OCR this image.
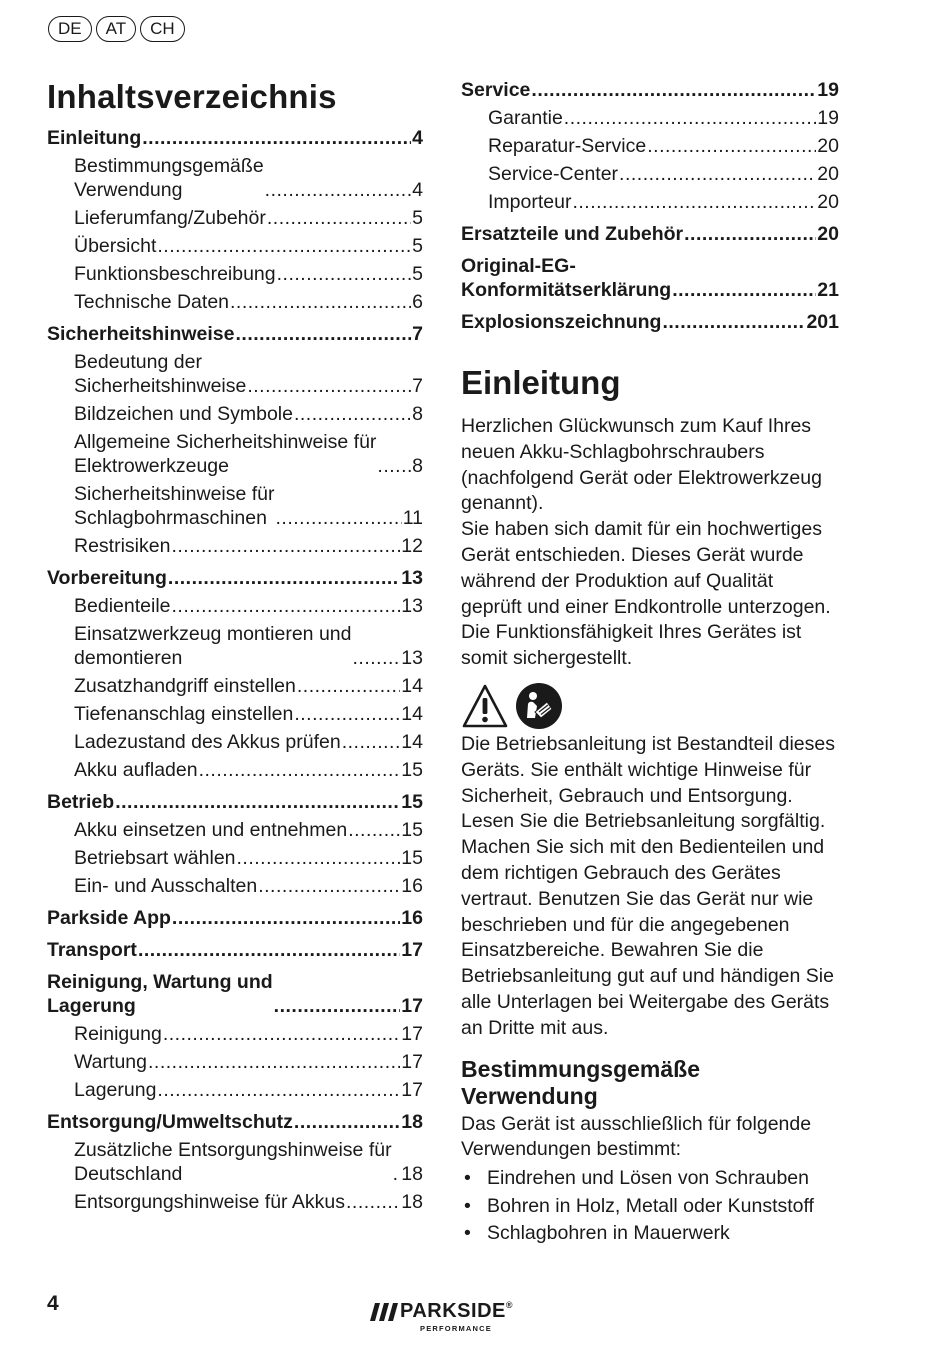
DE	AT	CH
Inhaltsverzeichnis
Einleitung .....	4
Bestimmungsgemäße
Verwendung .....	4
Lieferumfang/Zubehör .....	5
Übersicht .....	5
Funktionsbeschreibung .....	5
Technische Daten .....	6
Sicherheitshinweise .....	7
Bedeutung der
Sicherheitshinweise .....	7
Bildzeichen und Symbole .....	8
Allgemeine Sicherheitshinweise für
Elektrowerkzeuge .....	8
Sicherheitshinweise für
Schlagbohrmaschinen .....	11
Restrisiken .....	12
Vorbereitung .....	13
Bedienteile .....	13
Einsatzwerkzeug montieren und
demontieren .....	13
Zusatzhandgriff einstellen .....	14
Tiefenanschlag einstellen .....	14
Ladezustand des Akkus prüfen .....	14
Akku aufladen .....	15
Betrieb .....	15
Akku einsetzen und entnehmen .....	15
Betriebsart wählen .....	15
Ein- und Ausschalten .....	16
Parkside App .....	16
Transport .....	17
Reinigung, Wartung und
Lagerung .....	17
Reinigung .....	17
Wartung .....	17
Lagerung .....	17
Entsorgung/Umweltschutz .....	18
Zusätzliche Entsorgungshinweise für
Deutschland .....	18
Entsorgungshinweise für Akkus .....	18
Service .....	19
Garantie .....	19
Reparatur-Service .....	20
Service-Center .....	20
Importeur .....	20
Ersatzteile und Zubehör .....	20
Original-EG-
Konformitätserklärung .....	21
Explosionszeichnung .....	201
Einleitung

Herzlichen Glückwunsch zum Kauf Ihres neuen Akku-Schlagbohrschraubers (nachfolgend Gerät oder Elektrowerkzeug genannt).

Sie haben sich damit für ein hochwertiges Gerät entschieden. Dieses Gerät wurde während der Produktion auf Qualität geprüft und einer Endkontrolle unterzogen. Die Funktionsfähigkeit Ihres Gerätes ist somit sichergestellt.

Die Betriebsanleitung ist Bestandteil dieses Geräts. Sie enthält wichtige Hinweise für Sicherheit, Gebrauch und Entsorgung. Lesen Sie die Betriebsanleitung sorgfältig. Machen Sie sich mit den Bedienteilen und dem richtigen Gebrauch des Gerätes vertraut. Benutzen Sie das Gerät nur wie beschrieben und für die angegebenen Einsatzbereiche. Bewahren Sie die Betriebsanleitung gut auf und händigen Sie alle Unterlagen bei Weitergabe des Geräts an Dritte mit aus.

Bestimmungsgemäße
Verwendung

Das Gerät ist ausschließlich für folgende Verwendungen bestimmt:

• Eindrehen und Lösen von Schrauben
• Bohren in Holz, Metall oder Kunststoff
• Schlagbohren in Mauerwerk
4	PARKSIDE®
PERFORMANCE
